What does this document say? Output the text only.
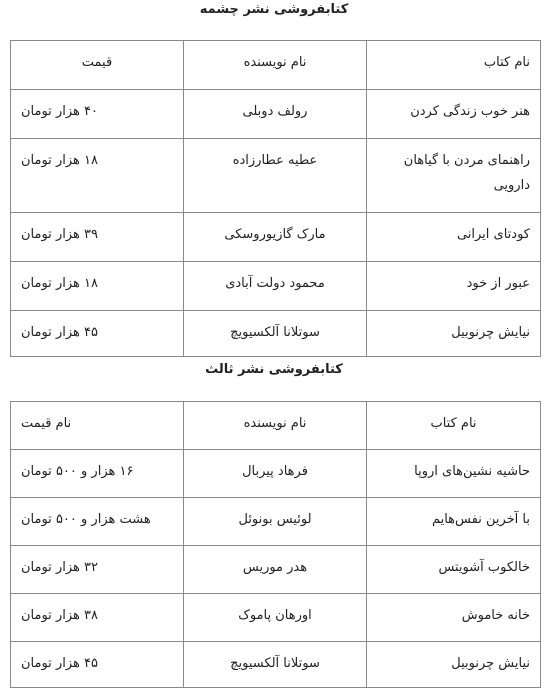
کتابفروشی نشر چشمه
نام کتاب	نام نویسنده	قیمت
هنر خوب زندگی کردن	رولف دوبلی	۴۰ هزار تومان
راهنمای مردن با گیاهان دارویی	عطیه عطارزاده	۱۸ هزار تومان
کودتای ایرانی	مارک گازیوروسکی	۳۹ هزار تومان
عبور از خود	محمود دولت آبادی	۱۸ هزار تومان
نیایش چرنوبیل	سوتلانا آلکسیویچ	۴۵ هزار تومان
کتابفروشی نشر ثالث
نام کتاب	نام نویسنده	نام قیمت
حاشیه نشین‌های اروپا	فرهاد پیربال	۱۶ هزار و ۵۰۰ تومان
با آخرین نفس‌هایم	لوئیس بونوئل	هشت هزار و ۵۰۰ تومان
خالکوب آشویتس	هدر موریس	۳۲ هزار تومان
خانه خاموش	اورهان پاموک	۳۸ هزار تومان
نیایش چرنوبیل	سوتلانا آلکسیویچ	۴۵ هزار تومان
